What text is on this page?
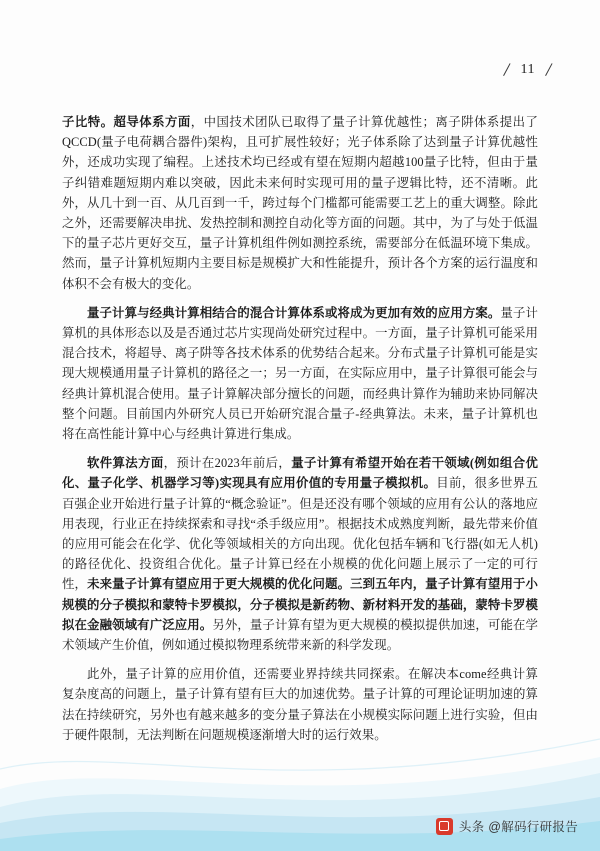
11

子比特。超导体系方面，中国技术团队已取得了量子计算优越性；离子阱体系提出了QCCD(量子电荷耦合器件)架构，且可扩展性较好；光子体系除了达到量子计算优越性外，还成功实现了编程。上述技术均已经或有望在短期内超越100量子比特，但由于量子纠错难题短期内难以突破，因此未来何时实现可用的量子逻辑比特，还不清晰。此外，从几十到一百、从几百到一千，跨过每个门槛都可能需要工艺上的重大调整。除此之外，还需要解决串扰、发热控制和测控自动化等方面的问题。其中，为了与处于低温下的量子芯片更好交互，量子计算机组件例如测控系统，需要部分在低温环境下集成。然而，量子计算机短期内主要目标是规模扩大和性能提升，预计各个方案的运行温度和体积不会有极大的变化。

量子计算与经典计算相结合的混合计算体系或将成为更加有效的应用方案。量子计算机的具体形态以及是否通过芯片实现尚处研究过程中。一方面，量子计算机可能采用混合技术，将超导、离子阱等各技术体系的优势结合起来。分布式量子计算机可能是实现大规模通用量子计算机的路径之一；另一方面，在实际应用中，量子计算很可能会与经典计算机混合使用。量子计算解决部分擅长的问题，而经典计算作为辅助来协同解决整个问题。目前国内外研究人员已开始研究混合量子-经典算法。未来，量子计算机也将在高性能计算中心与经典计算进行集成。

软件算法方面，预计在2023年前后，量子计算有希望开始在若干领域(例如组合优化、量子化学、机器学习等)实现具有应用价值的专用量子模拟机。目前，很多世界五百强企业开始进行量子计算的“概念验证”。但是还没有哪个领域的应用有公认的落地应用表现，行业正在持续探索和寻找“杀手级应用”。根据技术成熟度判断，最先带来价值的应用可能会在化学、优化等领域相关的方向出现。优化包括车辆和飞行器(如无人机)的路径优化、投资组合优化。量子计算已经在小规模的优化问题上展示了一定的可行性，未来量子计算有望应用于更大规模的优化问题。三到五年内，量子计算有望用于小规模的分子模拟和蒙特卡罗模拟，分子模拟是新药物、新材料开发的基础，蒙特卡罗模拟在金融领域有广泛应用。另外，量子计算有望为更大规模的模拟提供加速，可能在学术领域产生价值，例如通过模拟物理系统带来新的科学发现。

此外，量子计算的应用价值，还需要业界持续共同探索。在解决本come经典计算复杂度高的问题上，量子计算有望有巨大的加速优势。量子计算的可理论证明加速的算法在持续研究，另外也有越来越多的变分量子算法在小规模实际问题上进行实验，但由于硬件限制，无法判断在问题规模逐渐增大时的运行效果。

头条 @解码行研报告
